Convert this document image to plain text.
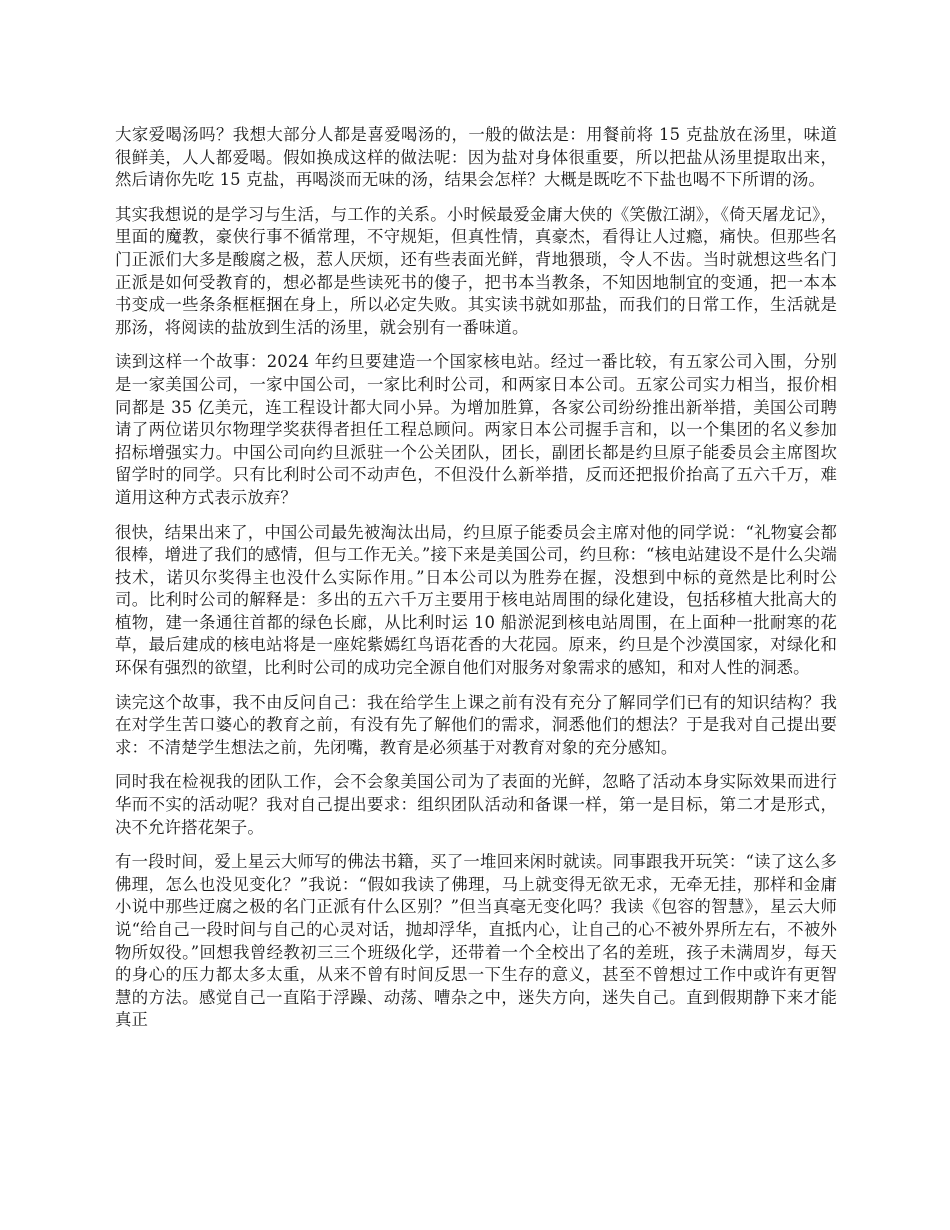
大家爱喝汤吗？我想大部分人都是喜爱喝汤的，一般的做法是：用餐前将 15 克盐放在汤里，味道很鲜美，人人都爱喝。假如换成这样的做法呢：因为盐对身体很重要，所以把盐从汤里提取出来，然后请你先吃 15 克盐，再喝淡而无味的汤，结果会怎样？大概是既吃不下盐也喝不下所谓的汤。

其实我想说的是学习与生活，与工作的关系。小时候最爱金庸大侠的《笑傲江湖》，《倚天屠龙记》，里面的魔教，豪侠行事不循常理，不守规矩，但真性情，真豪杰，看得让人过瘾，痛快。但那些名门正派们大多是酸腐之极，惹人厌烦，还有些表面光鲜，背地猥琐，令人不齿。当时就想这些名门正派是如何受教育的，想必都是些读死书的傻子，把书本当教条，不知因地制宜的变通，把一本本书变成一些条条框框捆在身上，所以必定失败。其实读书就如那盐，而我们的日常工作，生活就是那汤，将阅读的盐放到生活的汤里，就会别有一番味道。

读到这样一个故事：2024 年约旦要建造一个国家核电站。经过一番比较，有五家公司入围，分别是一家美国公司，一家中国公司，一家比利时公司，和两家日本公司。五家公司实力相当，报价相同都是 35 亿美元，连工程设计都大同小异。为增加胜算，各家公司纷纷推出新举措，美国公司聘请了两位诺贝尔物理学奖获得者担任工程总顾问。两家日本公司握手言和，以一个集团的名义参加招标增强实力。中国公司向约旦派驻一个公关团队，团长，副团长都是约旦原子能委员会主席图坎留学时的同学。只有比利时公司不动声色，不但没什么新举措，反而还把报价抬高了五六千万，难道用这种方式表示放弃？

很快，结果出来了，中国公司最先被淘汰出局，约旦原子能委员会主席对他的同学说：“礼物宴会都很棒，增进了我们的感情，但与工作无关。”接下来是美国公司，约旦称：“核电站建设不是什么尖端技术，诺贝尔奖得主也没什么实际作用。”日本公司以为胜券在握，没想到中标的竟然是比利时公司。比利时公司的解释是：多出的五六千万主要用于核电站周围的绿化建设，包括移植大批高大的植物，建一条通往首都的绿色长廊，从比利时运 10 船淤泥到核电站周围，在上面种一批耐寒的花草，最后建成的核电站将是一座姹紫嫣红鸟语花香的大花园。原来，约旦是个沙漠国家，对绿化和环保有强烈的欲望，比利时公司的成功完全源自他们对服务对象需求的感知，和对人性的洞悉。

读完这个故事，我不由反问自己：我在给学生上课之前有没有充分了解同学们已有的知识结构？我在对学生苦口婆心的教育之前，有没有先了解他们的需求，洞悉他们的想法？于是我对自己提出要求：不清楚学生想法之前，先闭嘴，教育是必须基于对教育对象的充分感知。

同时我在检视我的团队工作，会不会象美国公司为了表面的光鲜，忽略了活动本身实际效果而进行华而不实的活动呢？我对自己提出要求：组织团队活动和备课一样，第一是目标，第二才是形式，决不允许搭花架子。

有一段时间，爱上星云大师写的佛法书籍，买了一堆回来闲时就读。同事跟我开玩笑：“读了这么多佛理，怎么也没见变化？”我说：“假如我读了佛理，马上就变得无欲无求，无牵无挂，那样和金庸小说中那些迂腐之极的名门正派有什么区别？”但当真毫无变化吗？我读《包容的智慧》，星云大师说“给自己一段时间与自己的心灵对话，抛却浮华，直抵内心，让自己的心不被外界所左右，不被外物所奴役。”回想我曾经教初三三个班级化学，还带着一个全校出了名的差班，孩子未满周岁，每天的身心的压力都太多太重，从来不曾有时间反思一下生存的意义，甚至不曾想过工作中或许有更智慧的方法。感觉自己一直陷于浮躁、动荡、嘈杂之中，迷失方向，迷失自己。直到假期静下来才能真正
